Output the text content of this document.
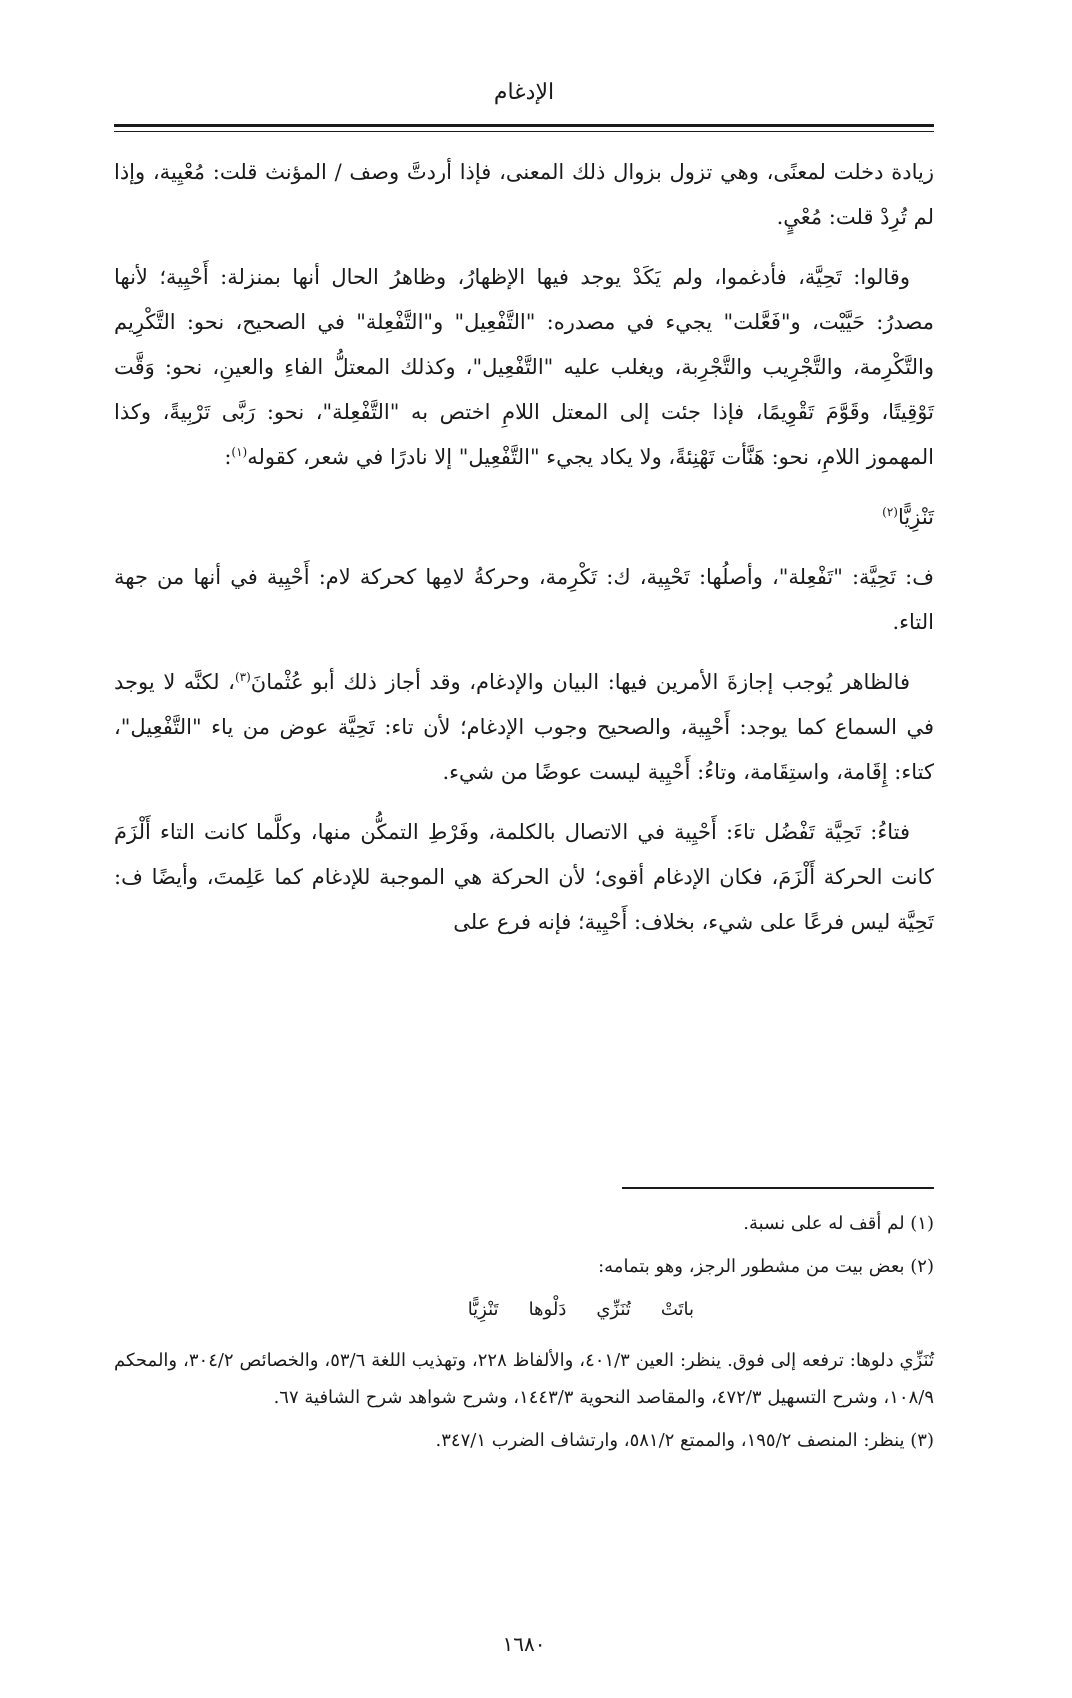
الإدغام

زيادة دخلت لمعنًى، وهي تزول بزوال ذلك المعنى، فإذا أردتَّ وصف / المؤنث قلت: مُعْيِية، وإذا لم تُرِدْ قلت: مُعْيٍ.

وقالوا: تَحِيَّة، فأدغموا، ولم يَكَدْ يوجد فيها الإظهارُ، وظاهرُ الحال أنها بمنزلة: أَحْيِية؛ لأنها مصدرُ: حَيَّيْت، و"فَعَّلت" يجيء في مصدره: "التَّفْعِيل" و"التَّفْعِلة" في الصحيح، نحو: التَّكْرِيم والتَّكْرِمة، والتَّجْرِيب والتَّجْرِبة، ويغلب عليه "التَّفْعِيل"، وكذلك المعتلُّ الفاءِ والعينِ، نحو: وَقَّت تَوْقِيتًا، وقَوَّمَ تَقْوِيمًا، فإذا جئت إلى المعتل اللامِ اختص به "التَّفْعِلة"، نحو: رَبَّى تَرْبِيةً، وكذا المهموز اللامِ، نحو: هَنَّأت تَهْنِئةً، ولا يكاد يجيء "التَّفْعِيل" إلا نادرًا في شعر، كقوله$^{(١)}$:

تَنْزِيًّا$^{(٢)}$

ف: تَحِيَّة: "تَفْعِلة"، وأصلُها: تَحْيِية، ك: تَكْرِمة، وحركةُ لامِها كحركة لام: أَحْيِية في أنها من جهة التاء.

فالظاهر يُوجب إجازةَ الأمرين فيها: البيان والإدغام، وقد أجاز ذلك أبو عُثْمانَ$^{(٣)}$، لكنَّه لا يوجد في السماع كما يوجد: أَحْيِية، والصحيح وجوب الإدغام؛ لأن تاء: تَحِيَّة عوض من ياء "التَّفْعِيل"، كتاء: إِقَامة، واستِقَامة، وتاءُ: أَحْيِية ليست عوضًا من شيء.

فتاءُ: تَحِيَّة تَفْضُل تاءَ: أَحْيِية في الاتصال بالكلمة، وفَرْطِ التمكُّن منها، وكلَّما كانت التاء أَلْزَمَ كانت الحركة أَلْزَمَ، فكان الإدغام أقوى؛ لأن الحركة هي الموجبة للإدغام كما عَلِمتَ، وأيضًا ف: تَحِيَّة ليس فرعًا على شيء، بخلاف: أَحْيِية؛ فإنه فرع على

(١) لم أقف له على نسبة.

(٢) بعض بيت من مشطور الرجز، وهو بتمامه:

باتَتْ
تُنَزِّي
دَلْوها
تَنْزِيًّا

تُنَزِّي دلوها: ترفعه إلى فوق. ينظر: العين ٤٠١/٣، والألفاظ ٢٢٨، وتهذيب اللغة ٥٣/٦، والخصائص ٣٠٤/٢، والمحكم ١٠٨/٩، وشرح التسهيل ٤٧٢/٣، والمقاصد النحوية ١٤٤٣/٣، وشرح شواهد شرح الشافية ٦٧.

(٣) ينظر: المنصف ١٩٥/٢، والممتع ٥٨١/٢، وارتشاف الضرب ٣٤٧/١.

١٦٨٠
